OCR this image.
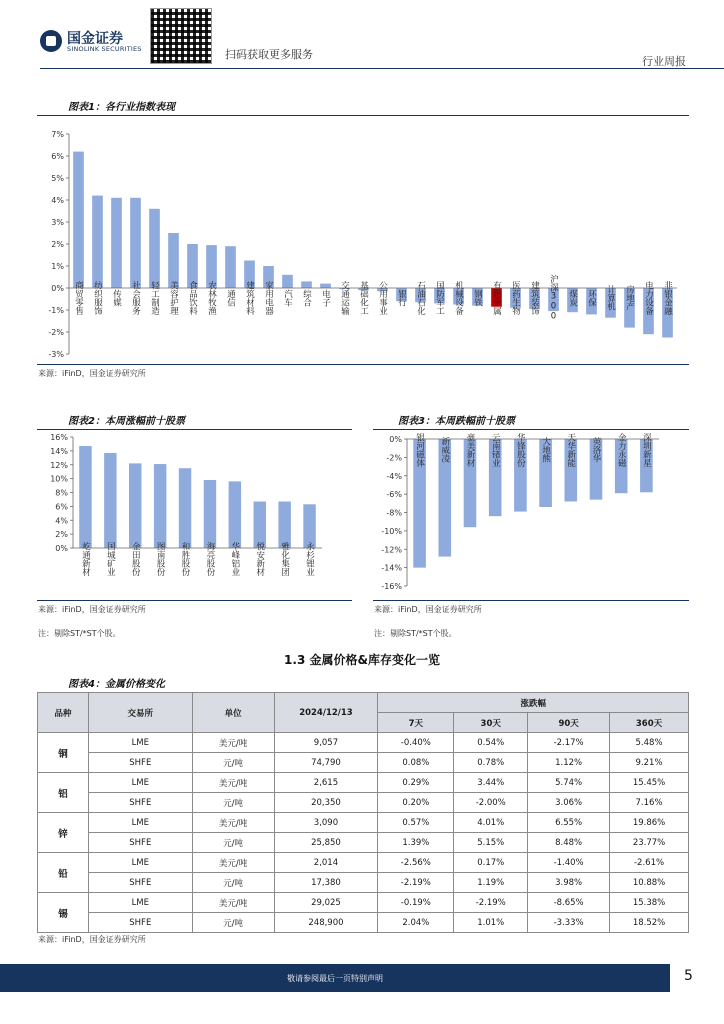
国金证券
SINOLINK SECURITIES	扫码获取更多服务
行业周报
图表1：各行业指数表现
-3%
-2%
-1%
0%
1%
2%
3%
4%
5%
6%
7%
商贸零售 纺织服饰 传媒 社会服务 轻工制造 美容护理 食品饮料 农林牧渔 通信 建筑材料 家用电器 汽车 综合 电子 交通运输 基础化工 公用事业 银行 石油石化 国防军工 机械设备 钢铁 有色金属 医药生物 建筑装饰 沪深300 煤炭 环保 计算机 房地产 电力设备 非银金融
来源：iFinD，国金证券研究所
图表2：本周涨幅前十股票
0%
2%
4%
6%
8%
10%
12%
14%
16%
屹通新材 国城矿业 金田股份 图南股份 和胜股份 海亮股份 华峰铝业 悦安新材 雅化集团 永杉锂业
来源：iFinD，国金证券研究所
注：剔除ST/*ST个股。
图表3：本周跌幅前十股票
0%
-2%
-4%
-6%
-8%
-10%
-12%
-14%
-16%
银河磁体 新威凌 豪美新材 云南锗业 华锋股份 大地熊 天华新能 英洛华 金力永磁 深圳新星
来源：iFinD，国金证券研究所
注：剔除ST/*ST个股。
1.3 金属价格&库存变化一览
图表4：金属价格变化
品种	交易所	单位	2024/12/13	涨跌幅			
				7天	30天	90天	360天
铜	LME	美元/吨	9,057	-0.40%	0.54%	-2.17%	5.48%
	SHFE	元/吨	74,790	0.08%	0.78%	1.12%	9.21%
铝	LME	美元/吨	2,615	0.29%	3.44%	5.74%	15.45%
	SHFE	元/吨	20,350	0.20%	-2.00%	3.06%	7.16%
锌	LME	美元/吨	3,090	0.57%	4.01%	6.55%	19.86%
	SHFE	元/吨	25,850	1.39%	5.15%	8.48%	23.77%
铅	LME	美元/吨	2,014	-2.56%	0.17%	-1.40%	-2.61%
	SHFE	元/吨	17,380	-2.19%	1.19%	3.98%	10.88%
锡	LME	美元/吨	29,025	-0.19%	-2.19%	-8.65%	15.38%
	SHFE	元/吨	248,900	2.04%	1.01%	-3.33%	18.52%
来源：iFinD，国金证券研究所
敬请参阅最后一页特别声明	5
